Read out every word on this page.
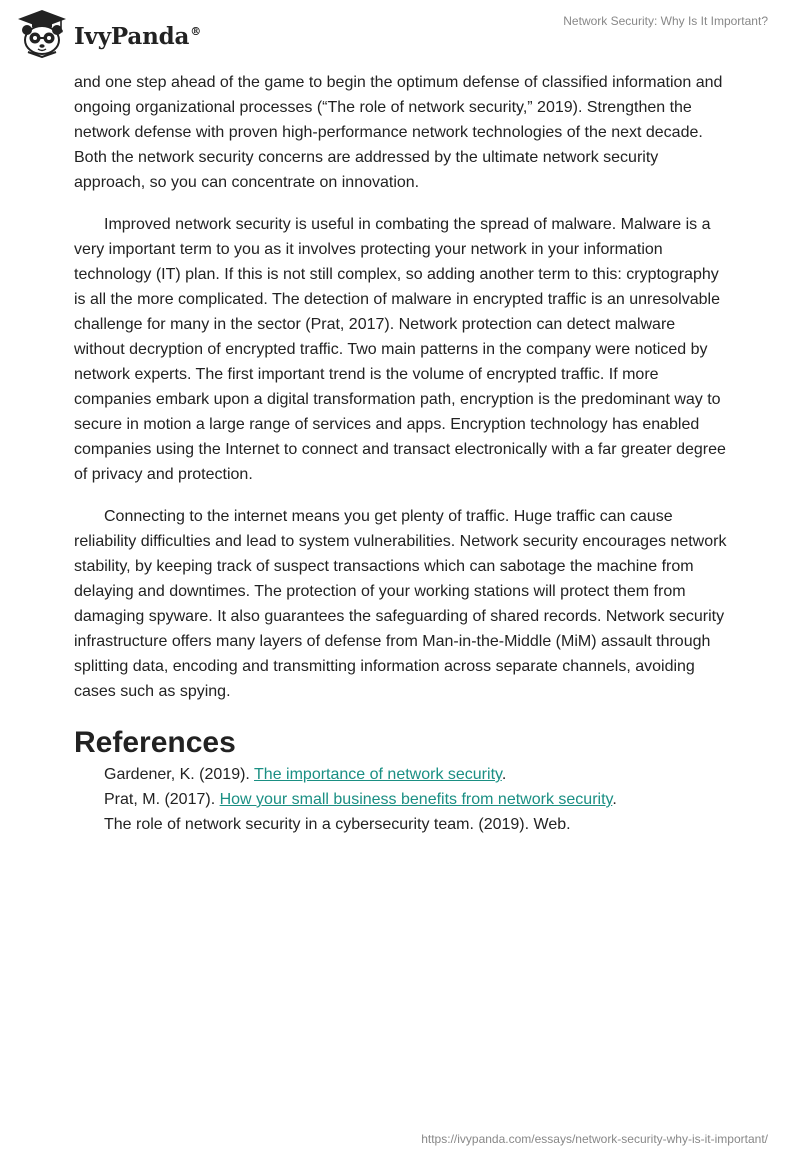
IvyPanda®
Network Security: Why Is It Important?

and one step ahead of the game to begin the optimum defense of classified information and ongoing organizational processes (“The role of network security,” 2019). Strengthen the network defense with proven high-performance network technologies of the next decade. Both the network security concerns are addressed by the ultimate network security approach, so you can concentrate on innovation.

Improved network security is useful in combating the spread of malware. Malware is a very important term to you as it involves protecting your network in your information technology (IT) plan. If this is not still complex, so adding another term to this: cryptography is all the more complicated. The detection of malware in encrypted traffic is an unresolvable challenge for many in the sector (Prat, 2017). Network protection can detect malware without decryption of encrypted traffic. Two main patterns in the company were noticed by network experts. The first important trend is the volume of encrypted traffic. If more companies embark upon a digital transformation path, encryption is the predominant way to secure in motion a large range of services and apps. Encryption technology has enabled companies using the Internet to connect and transact electronically with a far greater degree of privacy and protection.

Connecting to the internet means you get plenty of traffic. Huge traffic can cause reliability difficulties and lead to system vulnerabilities. Network security encourages network stability, by keeping track of suspect transactions which can sabotage the machine from delaying and downtimes. The protection of your working stations will protect them from damaging spyware. It also guarantees the safeguarding of shared records. Network security infrastructure offers many layers of defense from Man-in-the-Middle (MiM) assault through splitting data, encoding and transmitting information across separate channels, avoiding cases such as spying.

References

Gardener, K. (2019). The importance of network security.

Prat, M. (2017). How your small business benefits from network security.

The role of network security in a cybersecurity team. (2019). Web.

https://ivypanda.com/essays/network-security-why-is-it-important/
